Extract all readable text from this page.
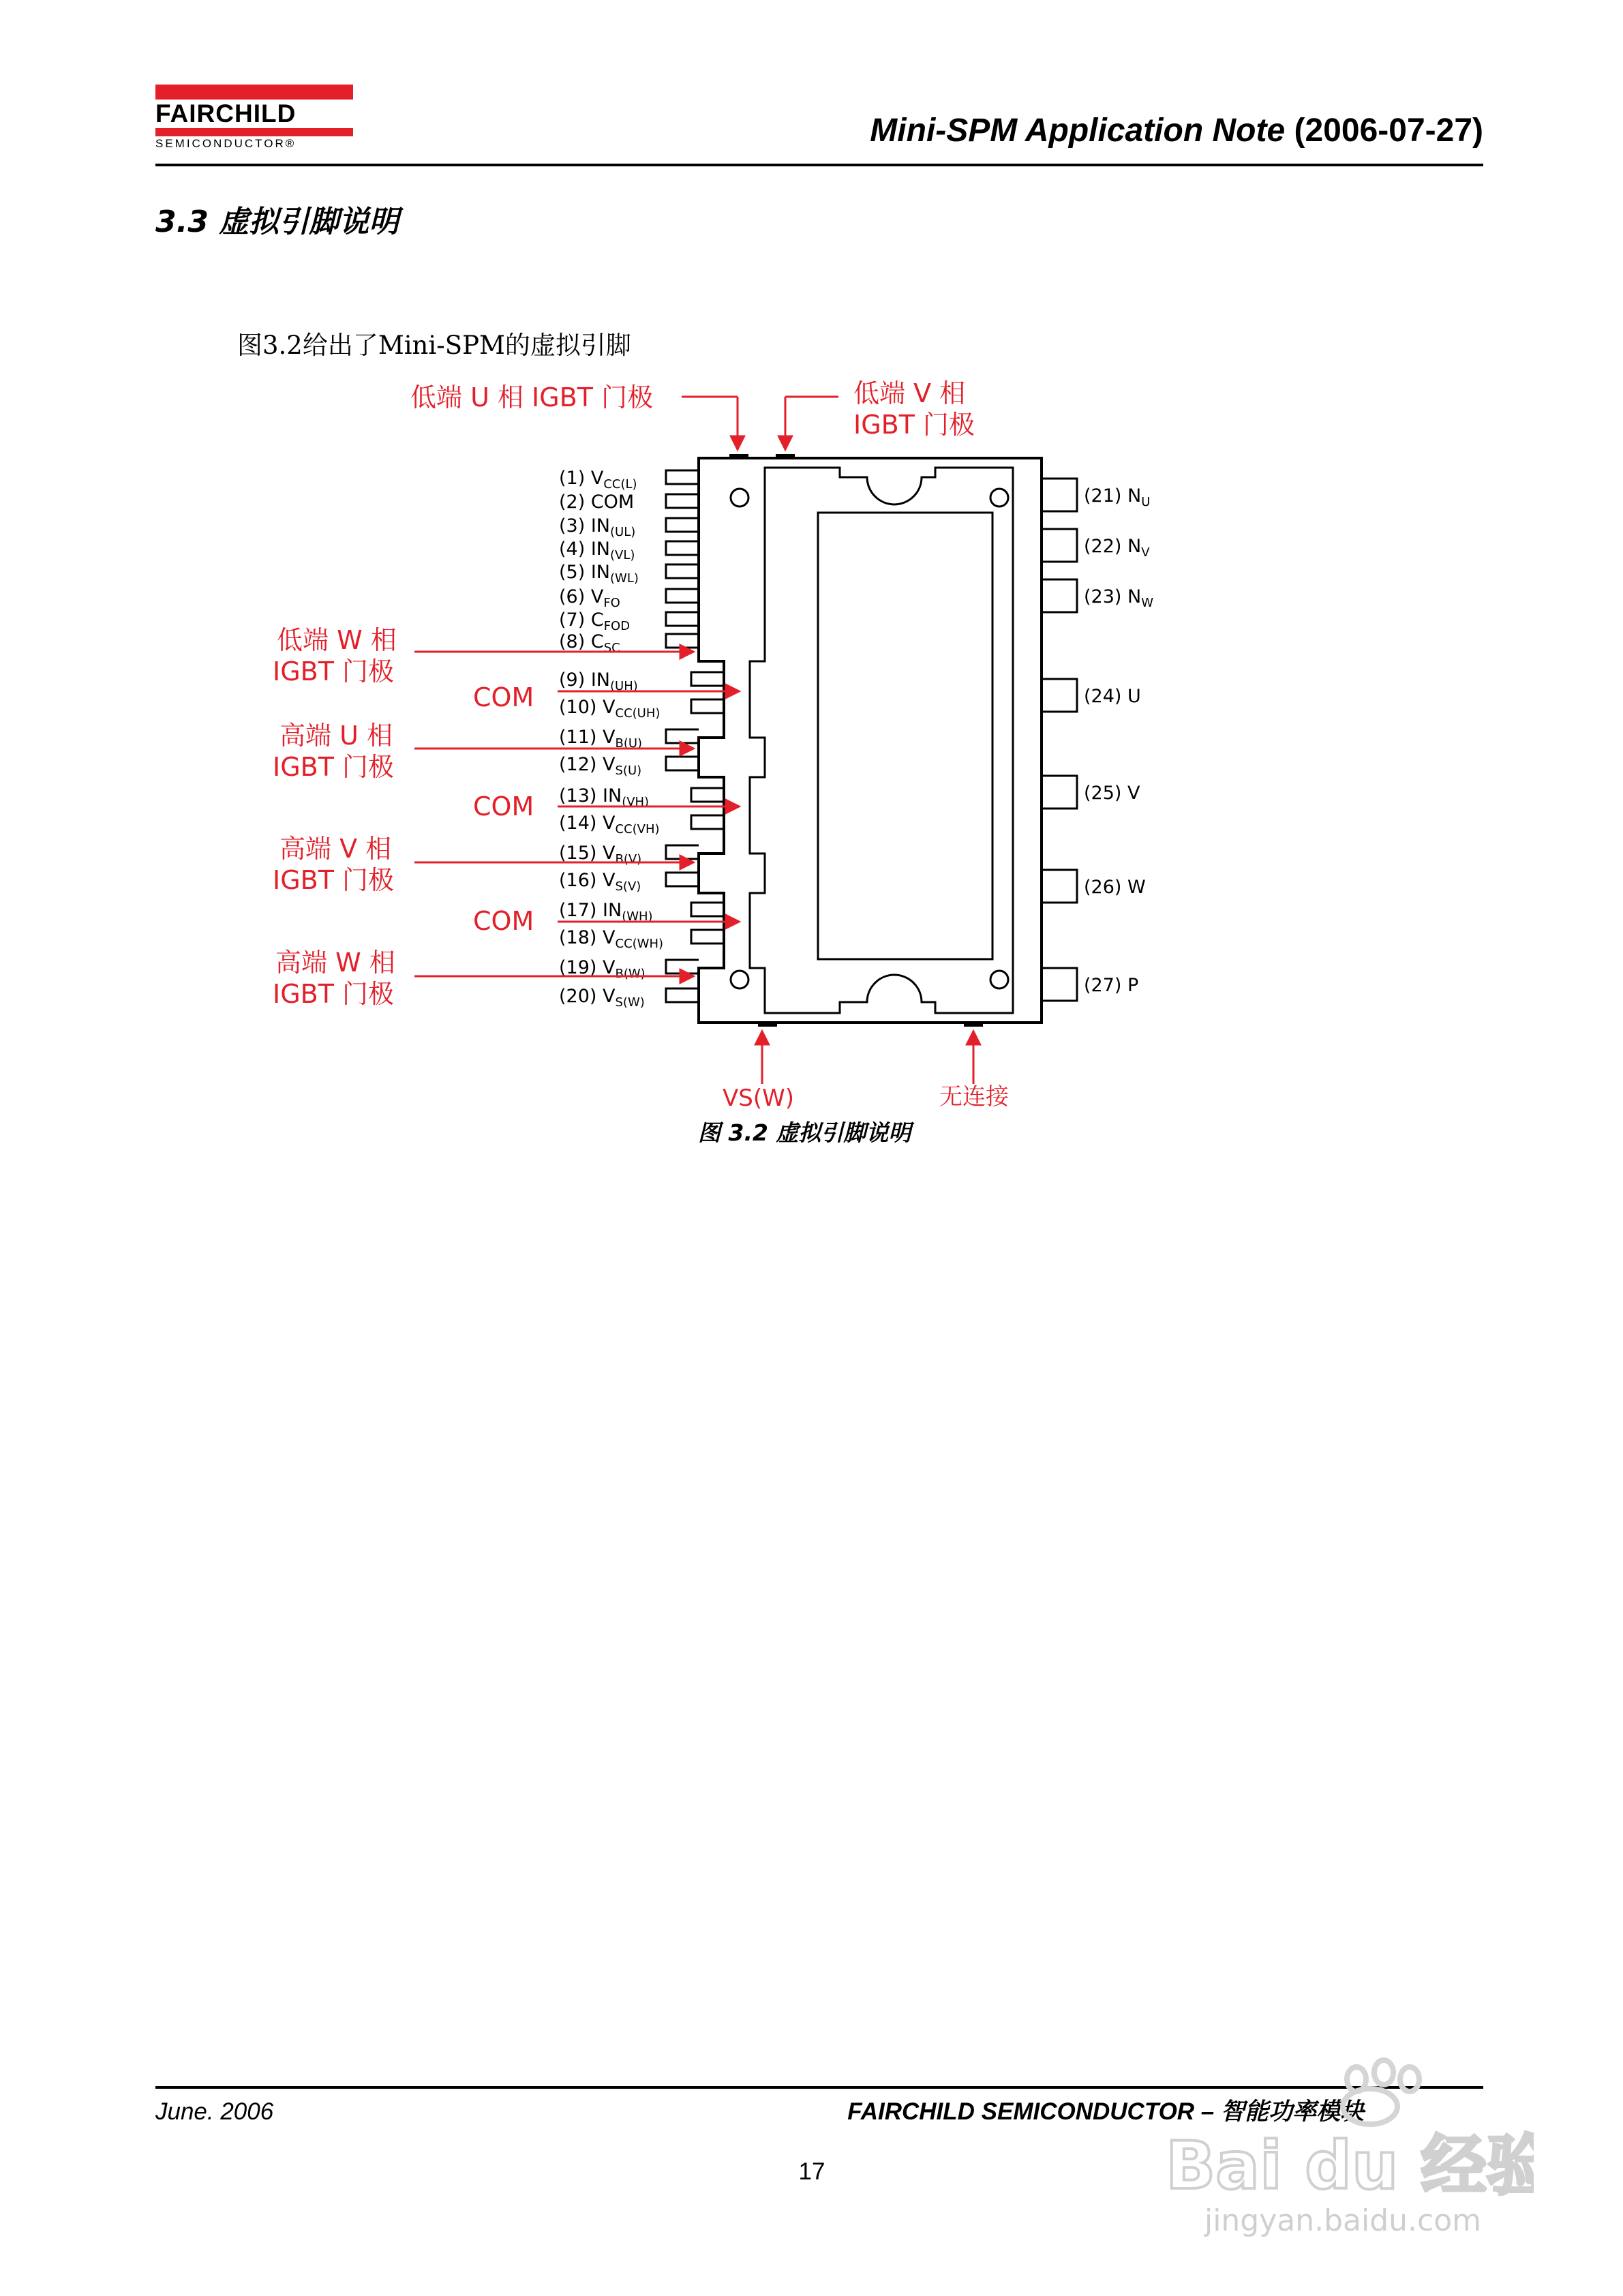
FAIRCHILD
SEMICONDUCTOR®	Mini-SPM Application Note (2006-07-27)
3.3 虚拟引脚说明
图3.2给出了Mini-SPM的虚拟引脚
(1) $V_{CC(L)}$
(2) COM
(3) $IN_{(UL)}$
(4) $IN_{(VL)}$
(5) $IN_{(WL)}$
(6) $V_{FO}$
(7) $C_{FOD}$
(8) $C_{SC}$
(9) $IN_{(UH)}$
(10) $V_{CC(UH)}$
(11) $V_{B(U)}$
(12) $V_{S(U)}$
(13) $IN_{(VH)}$
(14) $V_{CC(VH)}$
(15) $V_{B(V)}$
(16) $V_{S(V)}$
(17) $IN_{(WH)}$
(18) $V_{CC(WH)}$
(19) $V_{B(W)}$
(20) $V_{S(W)}$
(21) $N_U$
(22) $N_V$
(23) $N_W$
(24) U
(25) V
(26) W
(27) P
低端 U 相 IGBT 门极	低端 V 相
IGBT 门极
低端 W 相
IGBT 门极
高端 U 相
IGBT 门极
高端 V 相
IGBT 门极
高端 W 相
IGBT 门极
COM
COM
COM
VS(W)	无连接
图 3.2 虚拟引脚说明
June. 2006	FAIRCHILD SEMICONDUCTOR – 智能功率模块
17	Bai du 经验
jingyan.baidu.com
